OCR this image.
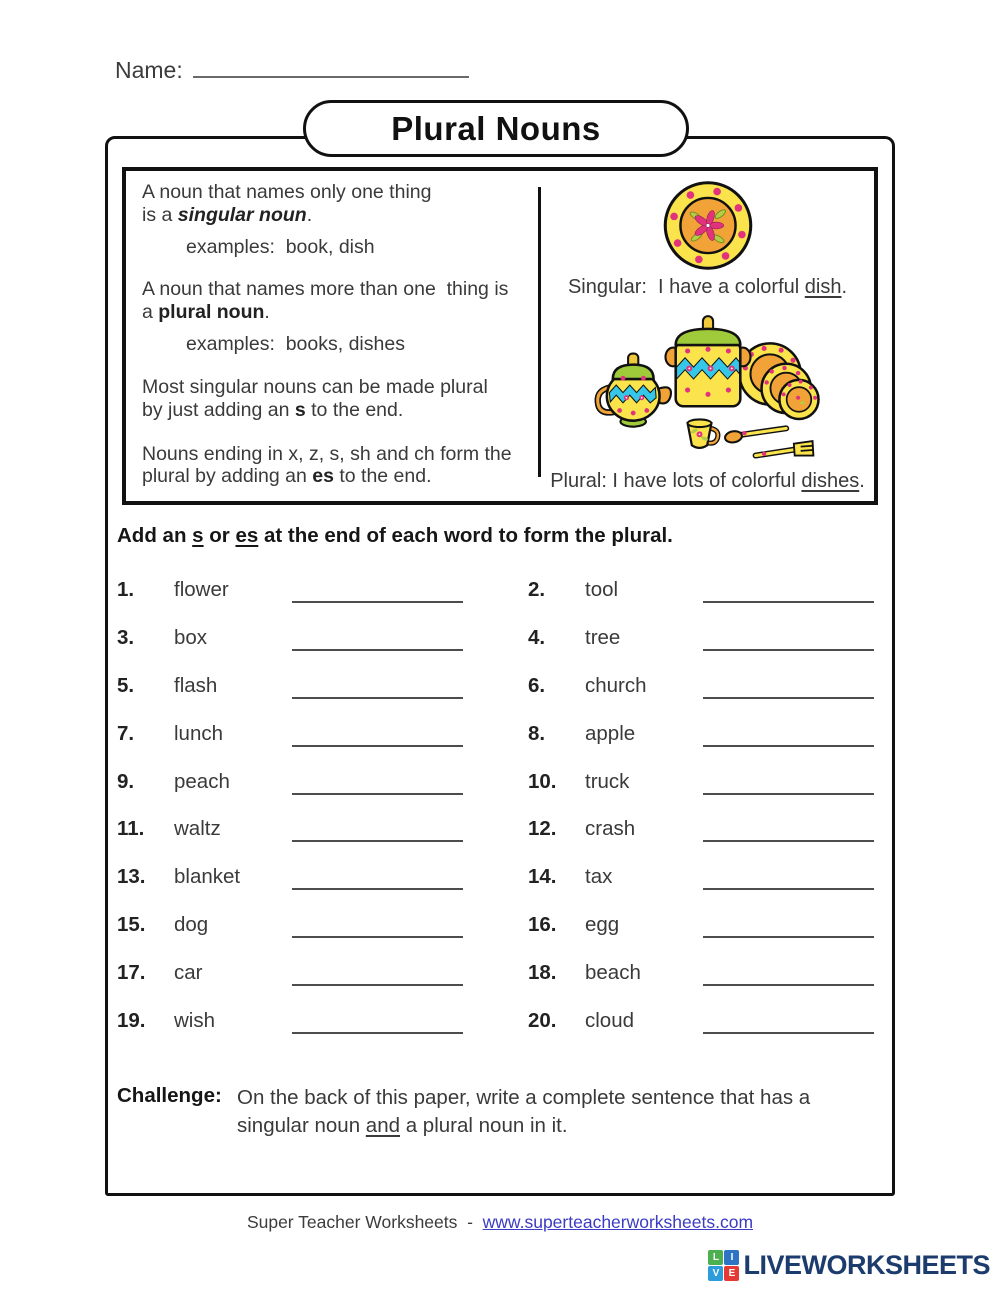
Name:
Plural Nouns

A noun that names only one thing
is a singular noun.

examples:  book, dish

A noun that names more than one  thing is
a plural noun.

examples:  books, dishes

Most singular nouns can be made plural
by just adding an s to the end.

Nouns ending in x, z, s, sh and ch form the
plural by adding an es to the end.

Singular:  I have a colorful dish.
Plural: I have lots of colorful dishes.
Add an s or es at the end of each word to form the plural.
1.	flower	2.	tool
3.	box	4.	tree
5.	flash	6.	church
7.	lunch	8.	apple
9.	peach	10.	truck
11.	waltz	12.	crash
13.	blanket	14.	tax
15.	dog	16.	egg
17.	car	18.	beach
19.	wish	20.	cloud
Challenge: On the back of this paper, write a complete sentence that has a
singular noun and a plural noun in it.
Super Teacher Worksheets  -  www.superteacherworksheets.com
L	I
V E LIVEWORKSHEETS
